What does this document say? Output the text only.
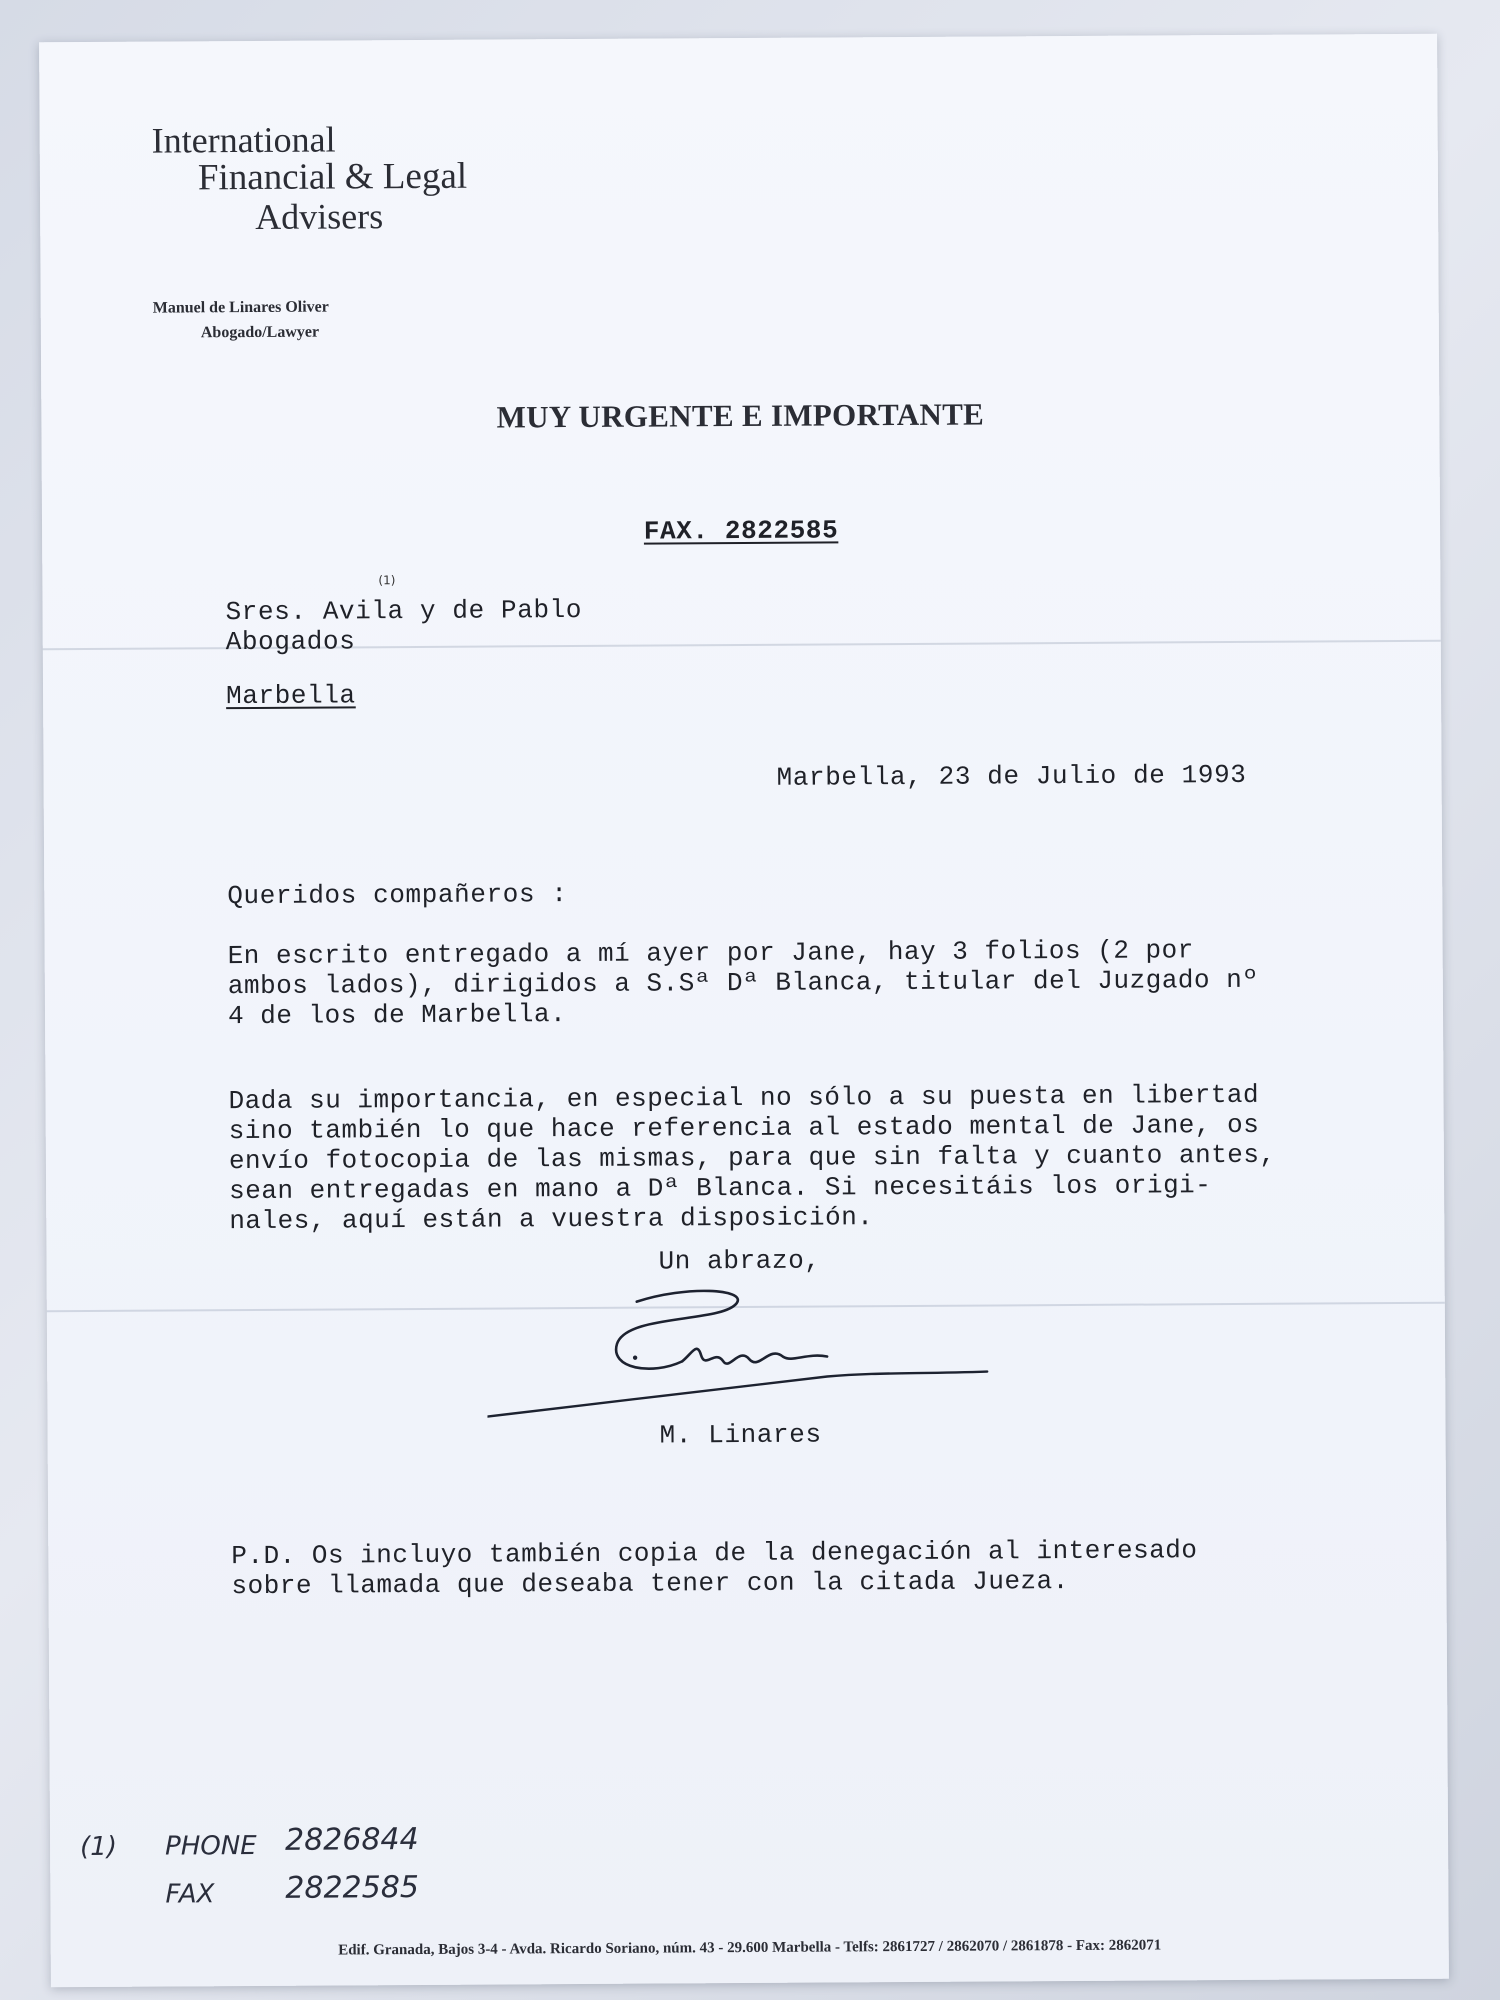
International
Financial & Legal
Advisers
Manuel de Linares Oliver
Abogado/Lawyer
MUY URGENTE E IMPORTANTE
FAX. 2822585
(1)
Sres. Avila y de Pablo
Abogados
Marbella
Marbella, 23 de Julio de 1993
Queridos compañeros :
En escrito entregado a mí ayer por Jane, hay 3 folios (2 por
ambos lados), dirigidos a S.Sª Dª Blanca, titular del Juzgado nº
4 de los de Marbella.
Dada su importancia, en especial no sólo a su puesta en libertad
sino también lo que hace referencia al estado mental de Jane, os
envío fotocopia de las mismas, para que sin falta y cuanto antes,
sean entregadas en mano a Dª Blanca. Si necesitáis los origi-
nales, aquí están a vuestra disposición.
Un abrazo,
M. Linares
P.D. Os incluyo también copia de la denegación al interesado
sobre llamada que deseaba tener con la citada Jueza.
(1) PHONE 2826844
FAX 2822585
Edif. Granada, Bajos 3-4 - Avda. Ricardo Soriano, núm. 43 - 29.600 Marbella - Telfs: 2861727 / 2862070 / 2861878 - Fax: 2862071
